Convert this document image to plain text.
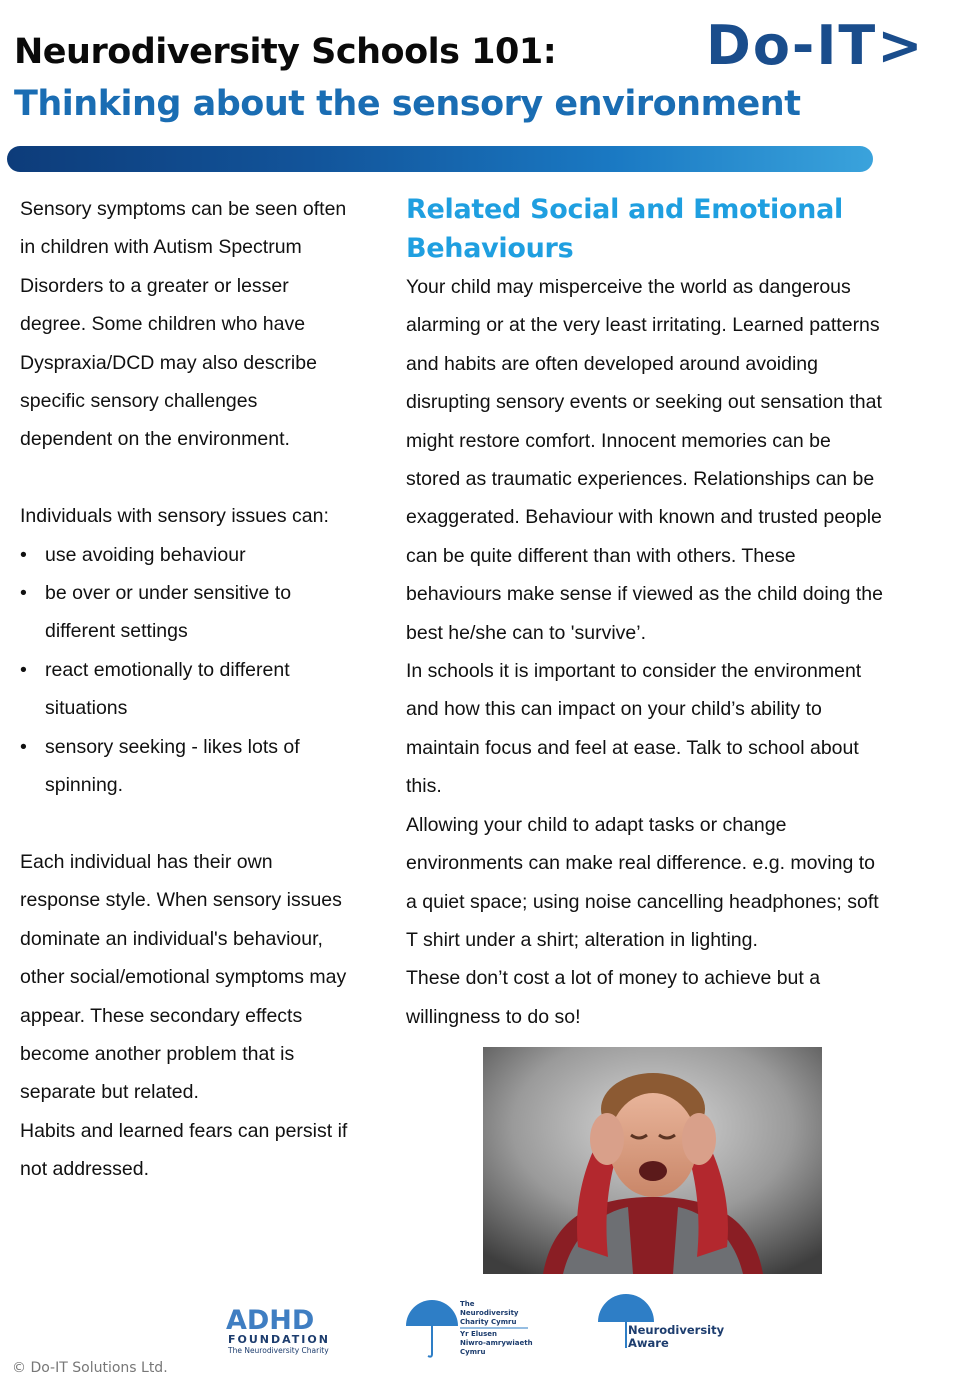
Neurodiversity Schools 101:
Thinking about the sensory environment
Do-IT>

Sensory symptoms can be seen often

in children with Autism Spectrum

Disorders to a greater or lesser

degree. Some children who have

Dyspraxia/DCD may also describe

specific sensory challenges

dependent on the environment.

Individuals with sensory issues can:

• use avoiding behaviour
• be over or under sensitive to
different settings
• react emotionally to different
situations
• sensory seeking - likes lots of
spinning.

Each individual has their own

response style. When sensory issues

dominate an individual's behaviour,

other social/emotional symptoms may

appear. These secondary effects

become another problem that is

separate but related.

Habits and learned fears can persist if

not addressed.

Related Social and Emotional
Behaviours

Your child may misperceive the world as dangerous

alarming or at the very least irritating. Learned patterns

and habits are often developed around avoiding

disrupting sensory events or seeking out sensation that

might restore comfort. Innocent memories can be

stored as traumatic experiences. Relationships can be

exaggerated. Behaviour with known and trusted people

can be quite different than with others. These

behaviours make sense if viewed as the child doing the

best he/she can to 'survive’.

In schools it is important to consider the environment

and how this can impact on your child’s ability to

maintain focus and feel at ease. Talk to school about

this.

Allowing your child to adapt tasks or change

environments can make real difference. e.g. moving to

a quiet space; using noise cancelling headphones; soft

T shirt under a shirt; alteration in lighting.

These don’t cost a lot of money to achieve but a

willingness to do so!

ADHD
FOUNDATION
The Neurodiversity Charity
The
Neurodiversity
Charity Cymru
Yr Elusen
Niwro-amrywiaeth
Cymru
Neurodiversity
Aware
© Do-IT Solutions Ltd.
